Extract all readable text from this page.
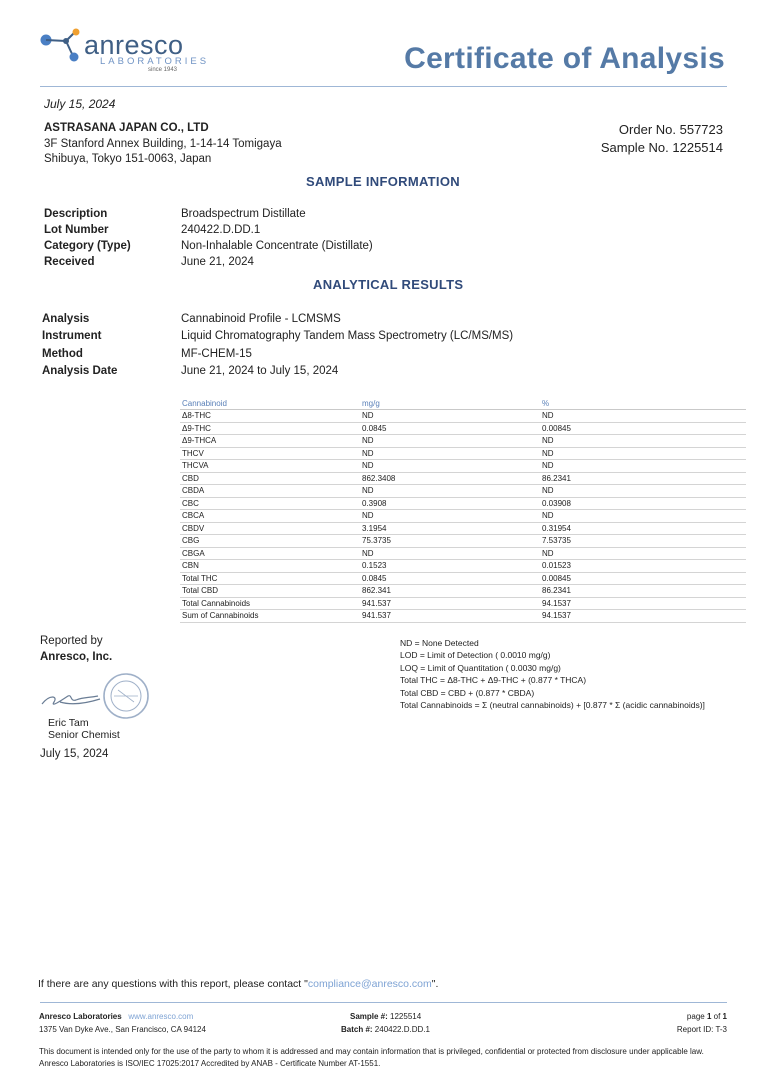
anresco
LABORATORIES
since 1943	Certificate of Analysis
July 15, 2024
ASTRASANA JAPAN CO., LTD
3F Stanford Annex Building, 1-14-14 Tomigaya
Shibuya, Tokyo 151-0063, Japan
Order No. 557723
Sample No. 1225514
SAMPLE INFORMATION
Description	Broadspectrum Distillate
Lot Number	240422.D.DD.1
Category (Type)	Non-Inhalable Concentrate (Distillate)
Received	June 21, 2024
ANALYTICAL RESULTS
Analysis	Cannabinoid Profile - LCMSMS
Instrument	Liquid Chromatography Tandem Mass Spectrometry (LC/MS/MS)
Method	MF-CHEM-15
Analysis Date	June 21, 2024 to July 15, 2024
Cannabinoid	mg/g	%
Δ8-THC	ND	ND
Δ9-THC	0.0845	0.00845
Δ9-THCA	ND	ND
THCV	ND	ND
THCVA	ND	ND
CBD	862.3408	86.2341
CBDA	ND	ND
CBC	0.3908	0.03908
CBCA	ND	ND
CBDV	3.1954	0.31954
CBG	75.3735	7.53735
CBGA	ND	ND
CBN	0.1523	0.01523
Total THC	0.0845	0.00845
Total CBD	862.341	86.2341
Total Cannabinoids	941.537	94.1537
Sum of Cannabinoids	941.537	94.1537
ND = None Detected
LOD = Limit of Detection ( 0.0010 mg/g)
LOQ = Limit of Quantitation ( 0.0030 mg/g)
Total THC = Δ8-THC + Δ9-THC + (0.877 * THCA)
Total CBD = CBD + (0.877 * CBDA)
Total Cannabinoids = Σ (neutral cannabinoids) + [0.877 * Σ (acidic cannabinoids)]
Reported by
Anresco, Inc.
Eric Tam
Senior Chemist
July 15, 2024
If there are any questions with this report, please contact "compliance@anresco.com".
Anresco Laboratories www.anresco.com
1375 Van Dyke Ave., San Francisco, CA 94124
Sample #: 1225514
Batch #: 240422.D.DD.1
page 1 of 1
Report ID: T-3
This document is intended only for the use of the party to whom it is addressed and may contain information that is privileged, confidential or protected from disclosure under applicable law. Anresco Laboratories is ISO/IEC 17025:2017 Accredited by ANAB - Certificate Number AT-1551.
